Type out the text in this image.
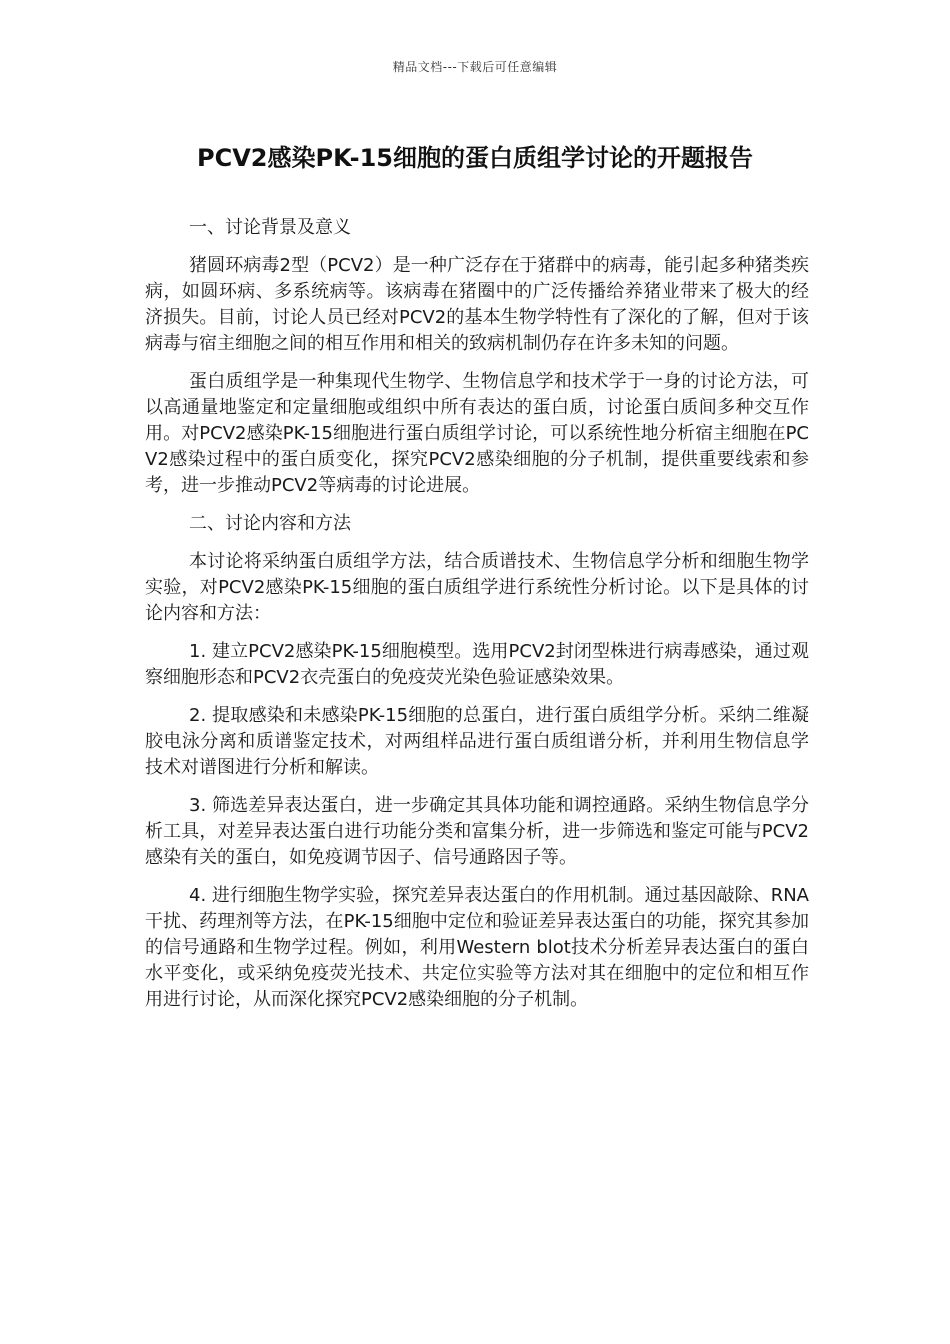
精品文档---下载后可任意编辑
PCV2感染PK-15细胞的蛋白质组学讨论的开题报告

一、讨论背景及意义

猪圆环病毒2型（PCV2）是一种广泛存在于猪群中的病毒，能引起多种猪类疾病，如圆环病、多系统病等。该病毒在猪圈中的广泛传播给养猪业带来了极大的经济损失。目前，讨论人员已经对PCV2的基本生物学特性有了深化的了解，但对于该病毒与宿主细胞之间的相互作用和相关的致病机制仍存在许多未知的问题。

蛋白质组学是一种集现代生物学、生物信息学和技术学于一身的讨论方法，可以高通量地鉴定和定量细胞或组织中所有表达的蛋白质，讨论蛋白质间多种交互作用。对PCV2感染PK-15细胞进行蛋白质组学讨论，可以系统性地分析宿主细胞在PCV2感染过程中的蛋白质变化，探究PCV2感染细胞的分子机制，提供重要线索和参考，进一步推动PCV2等病毒的讨论进展。

二、讨论内容和方法

本讨论将采纳蛋白质组学方法，结合质谱技术、生物信息学分析和细胞生物学实验，对PCV2感染PK-15细胞的蛋白质组学进行系统性分析讨论。以下是具体的讨论内容和方法：

1. 建立PCV2感染PK-15细胞模型。选用PCV2封闭型株进行病毒感染，通过观察细胞形态和PCV2衣壳蛋白的免疫荧光染色验证感染效果。

2. 提取感染和未感染PK-15细胞的总蛋白，进行蛋白质组学分析。采纳二维凝胶电泳分离和质谱鉴定技术，对两组样品进行蛋白质组谱分析，并利用生物信息学技术对谱图进行分析和解读。

3. 筛选差异表达蛋白，进一步确定其具体功能和调控通路。采纳生物信息学分析工具，对差异表达蛋白进行功能分类和富集分析，进一步筛选和鉴定可能与PCV2感染有关的蛋白，如免疫调节因子、信号通路因子等。

4. 进行细胞生物学实验，探究差异表达蛋白的作用机制。通过基因敲除、RNA干扰、药理剂等方法，在PK-15细胞中定位和验证差异表达蛋白的功能，探究其参加的信号通路和生物学过程。例如，利用Western blot技术分析差异表达蛋白的蛋白水平变化，或采纳免疫荧光技术、共定位实验等方法对其在细胞中的定位和相互作用进行讨论，从而深化探究PCV2感染细胞的分子机制。
